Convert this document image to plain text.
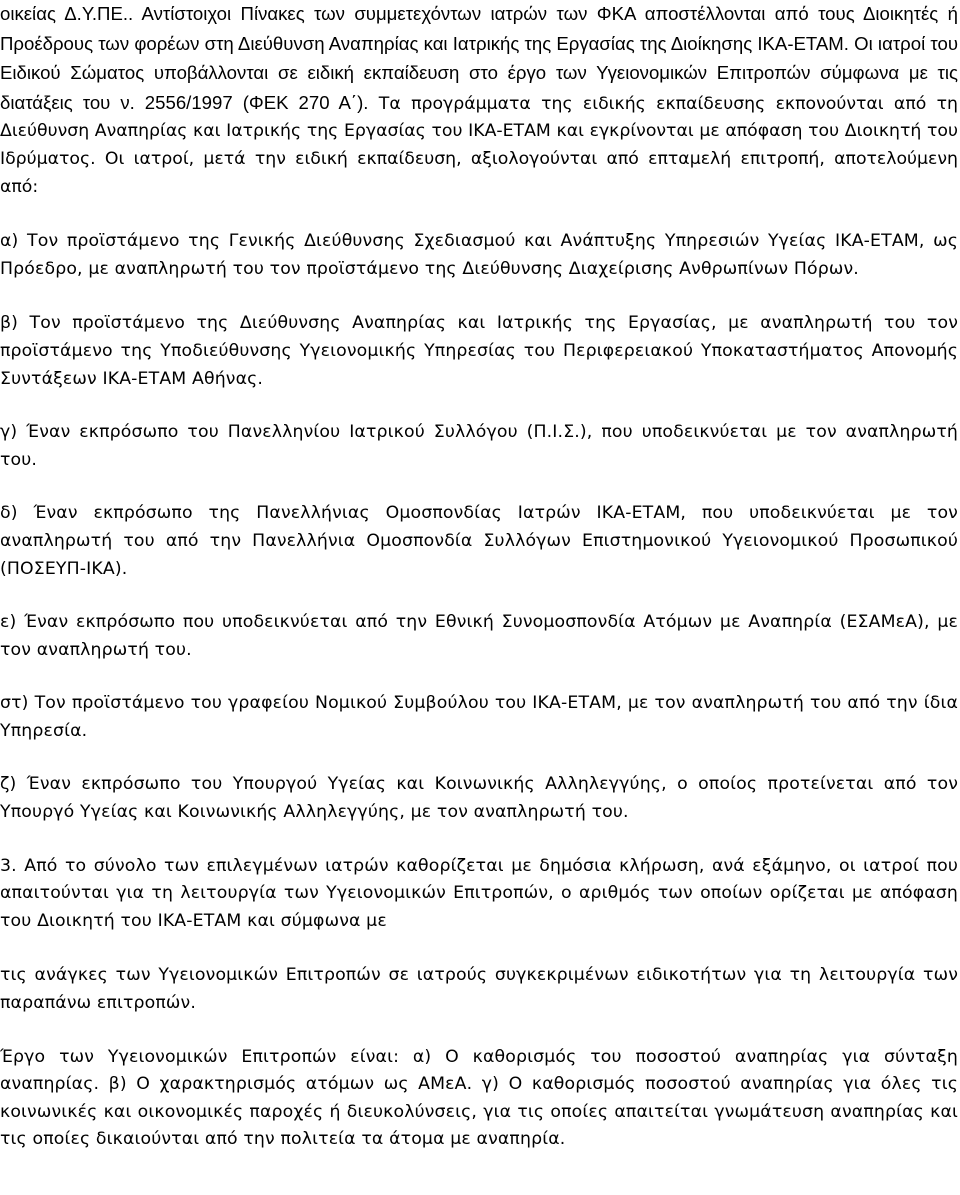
οικείας Δ.Υ.ΠΕ.. Αντίστοιχοι Πίνακες των συμμετεχόντων ιατρών των ΦΚΑ αποστέλλονται από τους Διοικητές ή Προέδρους των φορέων στη Διεύθυνση Αναπηρίας και Ιατρικής της Εργασίας της Διοίκησης ΙΚΑ-ΕΤΑΜ. Οι ιατροί του Ειδικού Σώματος υποβάλλονται σε ειδική εκπαίδευση στο έργο των Υγειονομικών Επιτροπών σύμφωνα με τις διατάξεις του ν. 2556/1997 (ΦΕΚ 270 Α΄). Τα προγράμματα της ειδικής εκπαίδευσης εκπονούνται από τη Διεύθυνση Αναπηρίας και Ιατρικής της Εργασίας του ΙΚΑ-ΕΤΑΜ και εγκρίνονται με απόφαση του Διοικητή του Ιδρύματος. Οι ιατροί, μετά την ειδική εκπαίδευση, αξιολογούνται από επταμελή επιτροπή, αποτελούμενη από:

α) Τον προϊστάμενο της Γενικής Διεύθυνσης Σχεδιασμού και Ανάπτυξης Υπηρεσιών Υγείας ΙΚΑ-ΕΤΑΜ, ως Πρόεδρο, με αναπληρωτή του τον προϊστάμενο της Διεύθυνσης Διαχείρισης Ανθρωπίνων Πόρων.

β) Τον προϊστάμενο της Διεύθυνσης Αναπηρίας και Ιατρικής της Εργασίας, με αναπληρωτή του τον προϊστάμενο της Υποδιεύθυνσης Υγειονομικής Υπηρεσίας του Περιφερειακού Υποκαταστήματος Απονομής Συντάξεων ΙΚΑ-ΕΤΑΜ Αθήνας.

γ) Έναν εκπρόσωπο του Πανελληνίου Ιατρικού Συλλόγου (Π.Ι.Σ.), που υποδεικνύεται με τον αναπληρωτή του.

δ) Έναν εκπρόσωπο της Πανελλήνιας Ομοσπονδίας Ιατρών ΙΚΑ-ΕΤΑΜ, που υποδεικνύεται με τον αναπληρωτή του από την Πανελλήνια Ομοσπονδία Συλλόγων Επιστημονικού Υγειονομικού Προσωπικού (ΠΟΣΕΥΠ-ΙΚΑ).

ε) Έναν εκπρόσωπο που υποδεικνύεται από την Εθνική Συνομοσπονδία Ατόμων με Αναπηρία (ΕΣΑΜεΑ), με τον αναπληρωτή του.

στ) Τον προϊστάμενο του γραφείου Νομικού Συμβούλου του ΙΚΑ-ΕΤΑΜ, με τον αναπληρωτή του από την ίδια Υπηρεσία.

ζ) Έναν εκπρόσωπο του Υπουργού Υγείας και Κοινωνικής Αλληλεγγύης, ο οποίος προτείνεται από τον Υπουργό Υγείας και Κοινωνικής Αλληλεγγύης, με τον αναπληρωτή του.

3. Από το σύνολο των επιλεγμένων ιατρών καθορίζεται με δημόσια κλήρωση, ανά εξάμηνο, οι ιατροί που απαιτούνται για τη λειτουργία των Υγειονομικών Επιτροπών, ο αριθμός των οποίων ορίζεται με απόφαση του Διοικητή του ΙΚΑ-ΕΤΑΜ και σύμφωνα με

τις ανάγκες των Υγειονομικών Επιτροπών σε ιατρούς συγκεκριμένων ειδικοτήτων για τη λειτουργία των παραπάνω επιτροπών.

Έργο των Υγειονομικών Επιτροπών είναι: α) Ο καθορισμός του ποσοστού αναπηρίας για σύνταξη αναπηρίας. β) Ο χαρακτηρισμός ατόμων ως ΑΜεΑ. γ) Ο καθορισμός ποσοστού αναπηρίας για όλες τις κοινωνικές και οικονομικές παροχές ή διευκολύνσεις, για τις οποίες απαιτείται γνωμάτευση αναπηρίας και τις οποίες δικαιούνται από την πολιτεία τα άτομα με αναπηρία.
